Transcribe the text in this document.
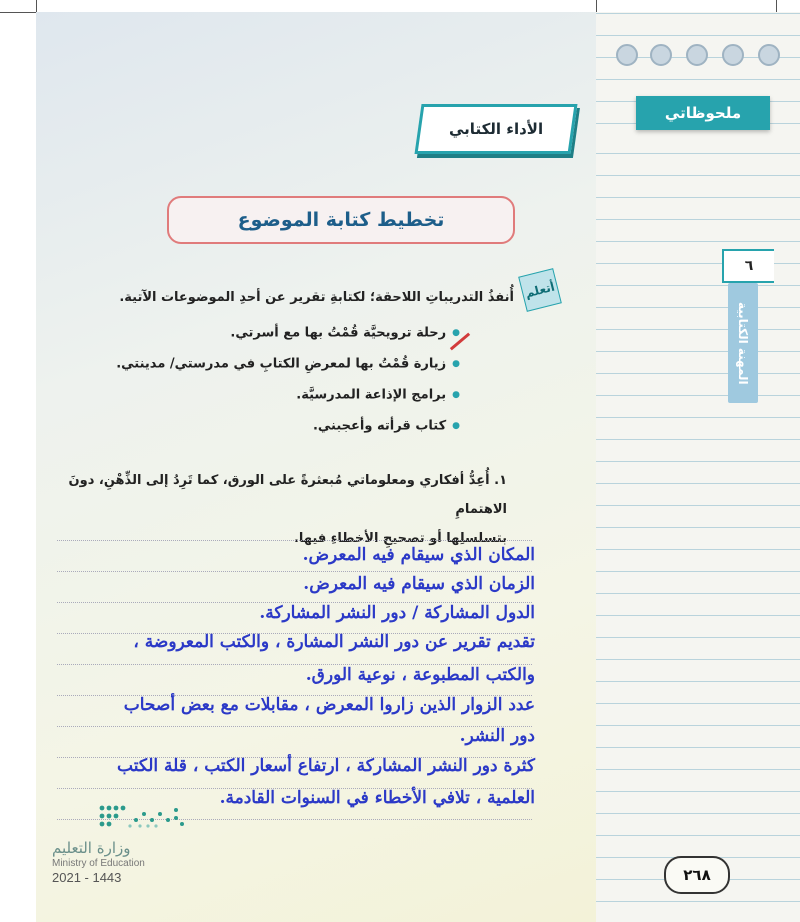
ملحوظاتي
٦
المهنة الكتابية
الأداء الكتابي
تخطيط كتابة الموضوع
أتعلم
أُنفذُ التدريباتِ اللاحقة؛ لكتابةِ تقرير عن أحدِ الموضوعات الآتية.
● رحلة ترويحيَّة قُمْتُ بها مع أسرتي.
● زيارة قُمْتُ بها لمعرضِ الكتابِ في مدرستي/ مدينتي.
● برامج الإذاعة المدرسيَّة.
● كتاب قرأته وأعجبني.
١. أُعِدُّ أفكاري ومعلوماتي مُبعثرةً على الورق، كما تَرِدُ إلى الذِّهْنِ، دونَ الاهتمامِ
بتسلسلِها أو تصحيحِ الأخطاءِ فيها.
المكان الذي سيقام فيه المعرض.
الزمان الذي سيقام فيه المعرض.
الدول المشاركة / دور النشر المشاركة.
تقديم تقرير عن دور النشر المشارة ، والكتب المعروضة ،
والكتب المطبوعة ، نوعية الورق.
عدد الزوار الذين زاروا المعرض ، مقابلات مع بعض أصحاب
دور النشر.
كثرة دور النشر المشاركة ، ارتفاع أسعار الكتب ، قلة الكتب
العلمية ، تلافي الأخطاء في السنوات القادمة.
وزارة التعليم
Ministry of Education
2021 - 1443	٢٦٨
